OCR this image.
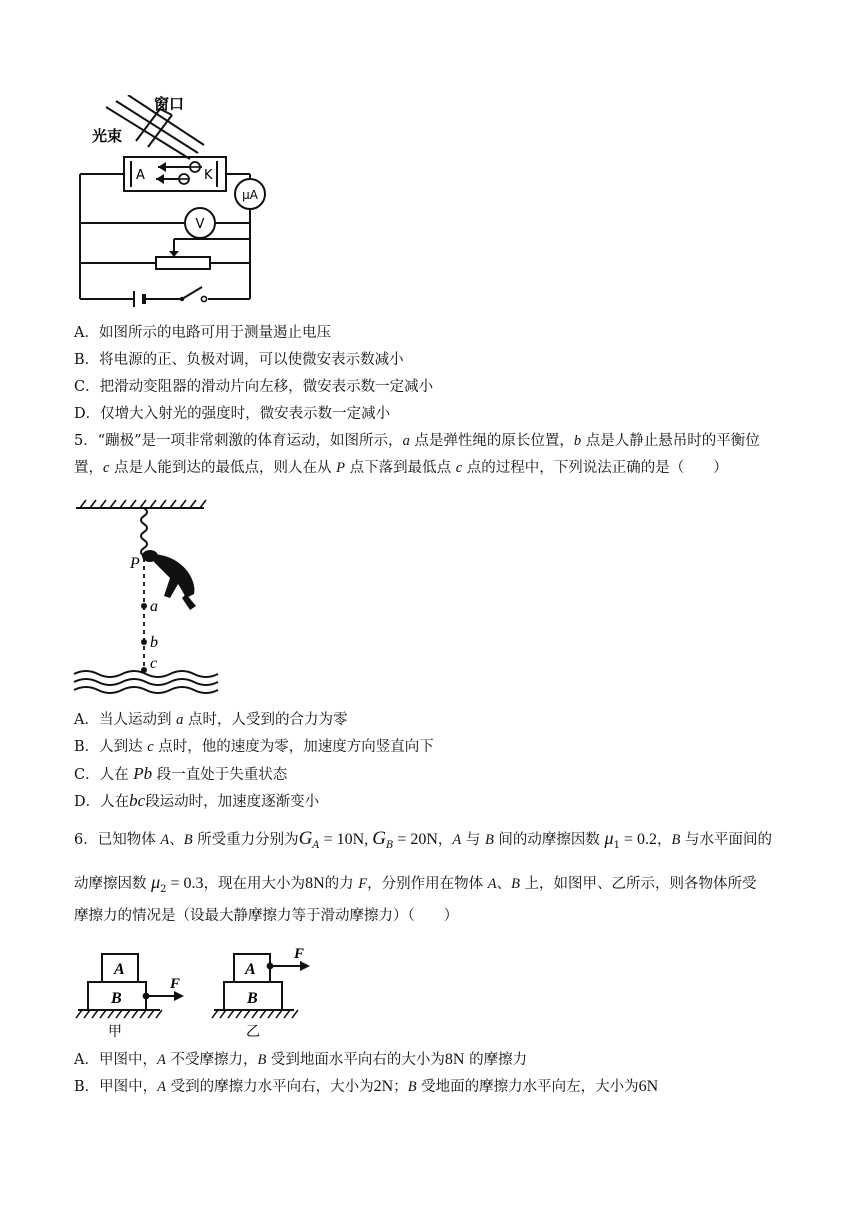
窗口
光束
A	K
μA
V
A．如图所示的电路可用于测量遏止电压
B．将电源的正、负极对调，可以使微安表示数减小
C．把滑动变阻器的滑动片向左移，微安表示数一定减小
D．仅增大入射光的强度时，微安表示数一定减小
5．“蹦极”是一项非常刺激的体育运动，如图所示，a 点是弹性绳的原长位置，b 点是人静止悬吊时的平衡位
置，c 点是人能到达的最低点，则人在从 P 点下落到最低点 c 点的过程中，下列说法正确的是（　　）
P
a
b
c
A．当人运动到 a 点时，人受到的合力为零
B．人到达 c 点时，他的速度为零，加速度方向竖直向下
C．人在 Pb 段一直处于失重状态
D．人在bc段运动时，加速度逐渐变小
6．已知物体 A、B 所受重力分别为$G_A = 10N$, $G_B = 20N$，A 与 B 间的动摩擦因数 $\mu_1 = 0.2$，B 与水平面间的
动摩擦因数 $\mu_2 = 0.3$，现在用大小为8N的力 F，分别作用在物体 A、B 上，如图甲、乙所示，则各物体所受
摩擦力的情况是（设最大静摩擦力等于滑动摩擦力）（　　）
A
B
F
甲
A
B
F
乙
A．甲图中，A 不受摩擦力，B 受到地面水平向右的大小为8N 的摩擦力
B．甲图中，A 受到的摩擦力水平向右，大小为2N；B 受地面的摩擦力水平向左，大小为6N
